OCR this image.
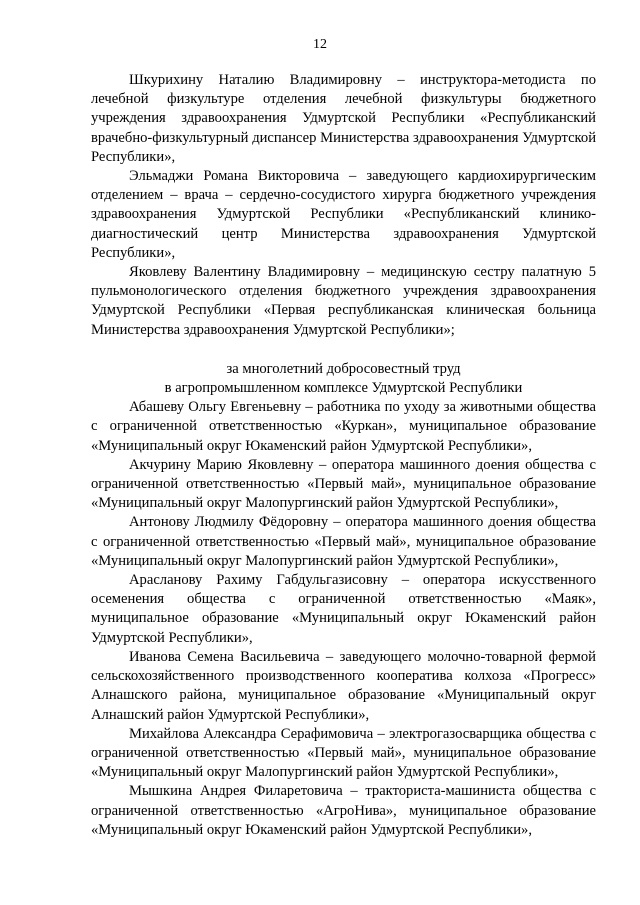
12

Шкурихину Наталию Владимировну – инструктора-методиста по лечебной физкультуре отделения лечебной физкультуры бюджетного учреждения здравоохранения Удмуртской Республики «Республиканский врачебно-физкультурный диспансер Министерства здравоохранения Удмуртской Республики»,

Эльмаджи Романа Викторовича – заведующего кардиохирургическим отделением – врача – сердечно-сосудистого хирурга бюджетного учреждения здравоохранения Удмуртской Республики «Республиканский клинико-диагностический центр Министерства здравоохранения Удмуртской Республики»,

Яковлеву Валентину Владимировну – медицинскую сестру палатную 5 пульмонологического отделения бюджетного учреждения здравоохранения Удмуртской Республики «Первая республиканская клиническая больница Министерства здравоохранения Удмуртской Республики»;

за многолетний добросовестный труд
в агропромышленном комплексе Удмуртской Республики

Абашеву Ольгу Евгеньевну – работника по уходу за животными общества с ограниченной ответственностью «Куркан», муниципальное образование «Муниципальный округ Юкаменский район Удмуртской Республики»,

Акчурину Марию Яковлевну – оператора машинного доения общества с ограниченной ответственностью «Первый май», муниципальное образование «Муниципальный округ Малопургинский район Удмуртской Республики»,

Антонову Людмилу Фёдоровну – оператора машинного доения общества с ограниченной ответственностью «Первый май», муниципальное образование «Муниципальный округ Малопургинский район Удмуртской Республики»,

Арасланову Рахиму Габдульгазисовну – оператора искусственного осеменения общества с ограниченной ответственностью «Маяк», муниципальное образование «Муниципальный округ Юкаменский район Удмуртской Республики»,

Иванова Семена Васильевича – заведующего молочно-товарной фермой сельскохозяйственного производственного кооператива колхоза «Прогресс» Алнашского района, муниципальное образование «Муниципальный округ Алнашский район Удмуртской Республики»,

Михайлова Александра Серафимовича – электрогазосварщика общества с ограниченной ответственностью «Первый май», муниципальное образование «Муниципальный округ Малопургинский район Удмуртской Республики»,

Мышкина Андрея Филаретовича – тракториста-машиниста общества с ограниченной ответственностью «АгроНива», муниципальное образование «Муниципальный округ Юкаменский район Удмуртской Республики»,
